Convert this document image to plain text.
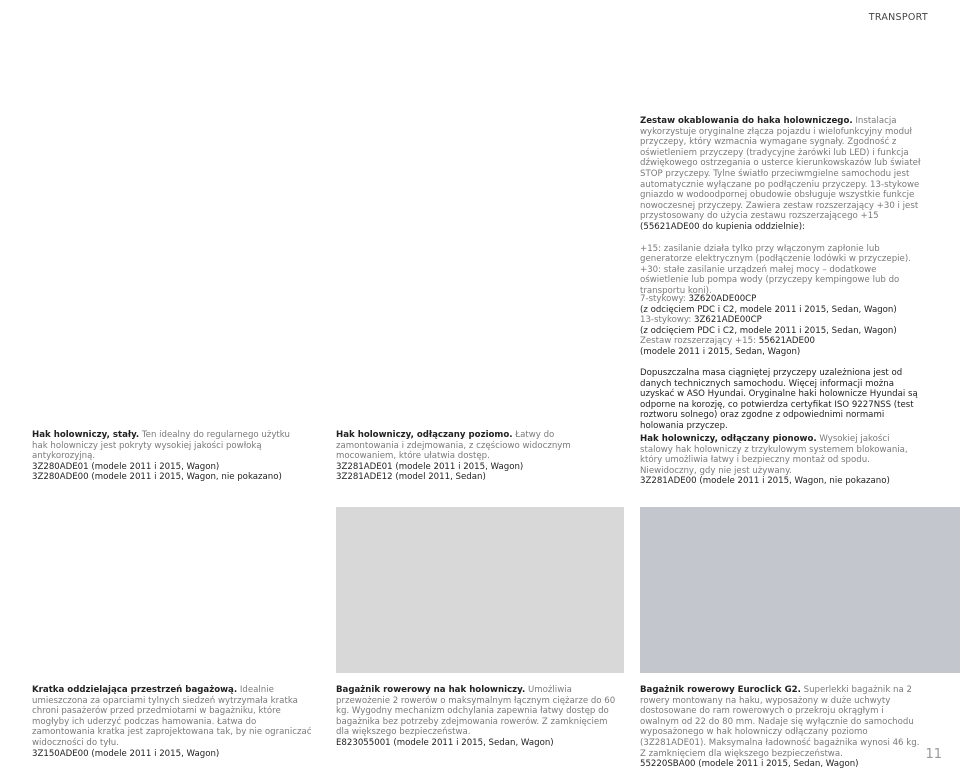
TRANSPORT

Zestaw okablowania do haka holowniczego. Instalacja wykorzystuje oryginalne złącza pojazdu i wielofunkcyjny moduł przyczepy, który wzmacnia wymagane sygnały. Zgodność z oświetleniem przyczepy (tradycyjne żarówki lub LED) i funkcja dźwiękowego ostrzegania o usterce kierunkowskazów lub świateł STOP przyczepy. Tylne światło przeciwmgielne samochodu jest automatycznie wyłączane po podłączeniu przyczepy. 13-stykowe gniazdo w wodoodpornej obudowie obsługuje wszystkie funkcje nowoczesnej przyczepy. Zawiera zestaw rozszerzający +30 i jest przystosowany do użycia zestawu rozszerzającego +15 (55621ADE00 do kupienia oddzielnie):

+15: zasilanie działa tylko przy włączonym zapłonie lub generatorze elektrycznym (podłączenie lodówki w przyczepie).

+30: stałe zasilanie urządzeń małej mocy – dodatkowe oświetlenie lub pompa wody (przyczepy kempingowe lub do transportu koni).

7-stykowy: 3Z620ADE00CP

(z odcięciem PDC i C2, modele 2011 i 2015, Sedan, Wagon)

13-stykowy: 3Z621ADE00CP

(z odcięciem PDC i C2, modele 2011 i 2015, Sedan, Wagon)

Zestaw rozszerzający +15: 55621ADE00

(modele 2011 i 2015, Sedan, Wagon)

Dopuszczalna masa ciągniętej przyczepy uzależniona jest od danych technicznych samochodu. Więcej informacji można uzyskać w ASO Hyundai. Oryginalne haki holownicze Hyundai są odporne na korozję, co potwierdza certyfikat ISO 9227NSS (test roztworu solnego) oraz zgodne z odpowiednimi normami holowania przyczep.

Hak holowniczy, stały. Ten idealny do regularnego użytku hak holowniczy jest pokryty wysokiej jakości powłoką antykorozyjną.

3Z280ADE01 (modele 2011 i 2015, Wagon)

3Z280ADE00 (modele 2011 i 2015, Wagon, nie pokazano)

Hak holowniczy, odłączany poziomo. Łatwy do zamontowania i zdejmowania, z częściowo widocznym mocowaniem, które ułatwia dostęp.

3Z281ADE01 (modele 2011 i 2015, Wagon)

3Z281ADE12 (model 2011, Sedan)

Hak holowniczy, odłączany pionowo. Wysokiej jakości stalowy hak holowniczy z trzykulowym systemem blokowania, który umożliwia łatwy i bezpieczny montaż od spodu. Niewidoczny, gdy nie jest używany.

3Z281ADE00 (modele 2011 i 2015, Wagon, nie pokazano)

Kratka oddzielająca przestrzeń bagażową. Idealnie umieszczona za oparciami tylnych siedzeń wytrzymała kratka chroni pasażerów przed przedmiotami w bagażniku, które mogłyby ich uderzyć podczas hamowania. Łatwa do zamontowania kratka jest zaprojektowana tak, by nie ograniczać widoczności do tyłu.

3Z150ADE00 (modele 2011 i 2015, Wagon)

Bagażnik rowerowy na hak holowniczy. Umożliwia przewożenie 2 rowerów o maksymalnym łącznym ciężarze do 60 kg. Wygodny mechanizm odchylania zapewnia łatwy dostęp do bagażnika bez potrzeby zdejmowania rowerów. Z zamknięciem dla większego bezpieczeństwa.

E823055001 (modele 2011 i 2015, Sedan, Wagon)

Bagażnik rowerowy Euroclick G2. Superlekki bagażnik na 2 rowery montowany na haku, wyposażony w duże uchwyty dostosowane do ram rowerowych o przekroju okrągłym i owalnym od 22 do 80 mm. Nadaje się wyłącznie do samochodu wyposażonego w hak holowniczy odłączany poziomo (3Z281ADE01). Maksymalna ładowność bagażnika wynosi 46 kg. Z zamknięciem dla większego bezpieczeństwa.

55220SBA00 (modele 2011 i 2015, Sedan, Wagon)

11
